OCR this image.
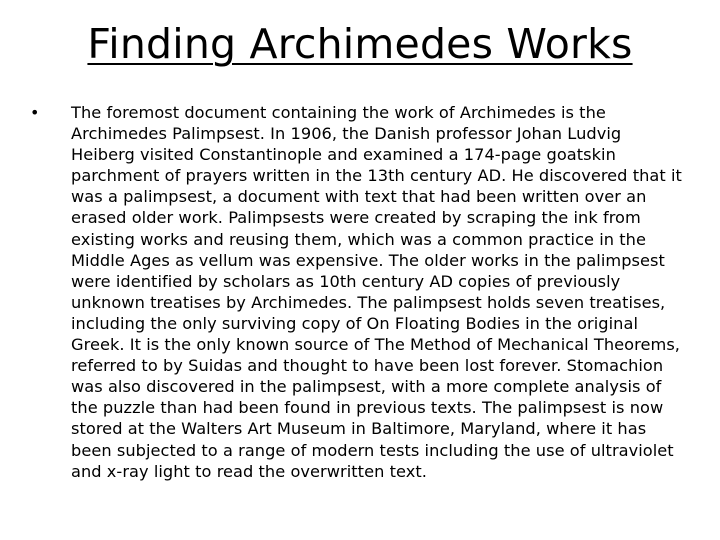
Finding Archimedes Works
•	The foremost document containing the work of Archimedes is the Archimedes Palimpsest. In 1906, the Danish professor Johan Ludvig Heiberg visited Constantinople and examined a 174-page goatskin parchment of prayers written in the 13th century AD. He discovered that it was a palimpsest, a document with text that had been written over an erased older work. Palimpsests were created by scraping the ink from existing works and reusing them, which was a common practice in the Middle Ages as vellum was expensive. The older works in the palimpsest were identified by scholars as 10th century AD copies of previously unknown treatises by Archimedes. The palimpsest holds seven treatises, including the only surviving copy of On Floating Bodies in the original Greek. It is the only known source of The Method of Mechanical Theorems, referred to by Suidas and thought to have been lost forever. Stomachion was also discovered in the palimpsest, with a more complete analysis of the puzzle than had been found in previous texts. The palimpsest is now stored at the Walters Art Museum in Baltimore, Maryland, where it has been subjected to a range of modern tests including the use of ultraviolet and x-ray light to read the overwritten text.
